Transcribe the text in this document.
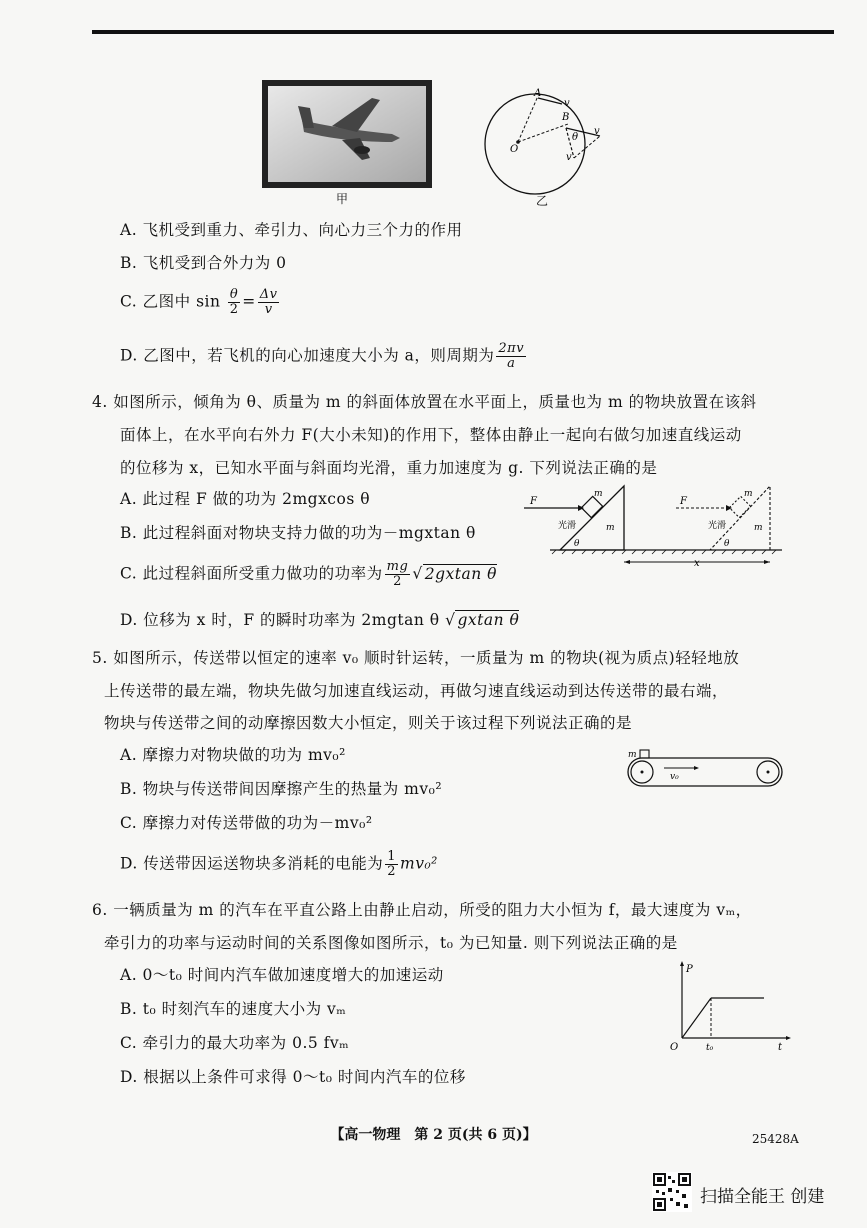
甲
A
B
O
v
v
v
θ
乙
A. 飞机受到重力、牵引力、向心力三个力的作用
B. 飞机受到合外力为 0
C. 乙图中 $\sin \frac{\theta}{2} = \frac{\Delta v}{v}$
D. 乙图中，若飞机的向心加速度大小为 a，则周期为 $\frac{2\pi v}{a}$
4. 如图所示，倾角为 θ、质量为 m 的斜面体放置在水平面上，质量也为 m 的物块放置在该斜
面体上，在水平向右外力 F(大小未知)的作用下，整体由静止一起向右做匀加速直线运动
的位移为 x，已知水平面与斜面均光滑，重力加速度为 g. 下列说法正确的是
A. 此过程 F 做的功为 2mgxcos θ
B. 此过程斜面对物块支持力做的功为－mgxtan θ
C. 此过程斜面所受重力做功的功率为 $\frac{mg}{2}$ √ 2gxtan θ
D. 位移为 x 时，F 的瞬时功率为 2mgtan θ √ gxtan θ
F
m
m
光滑
θ
F
m
m
光滑
θ
x
5. 如图所示，传送带以恒定的速率 v₀ 顺时针运转，一质量为 m 的物块(视为质点)轻轻地放
上传送带的最左端，物块先做匀加速直线运动，再做匀速直线运动到达传送带的最右端，
物块与传送带之间的动摩擦因数大小恒定，则关于该过程下列说法正确的是
A. 摩擦力对物块做的功为 mv₀²
B. 物块与传送带间因摩擦产生的热量为 mv₀²
C. 摩擦力对传送带做的功为－mv₀²
D. 传送带因运送物块多消耗的电能为 $\frac{1}{2} mv_0^2$
m
v₀
6. 一辆质量为 m 的汽车在平直公路上由静止启动，所受的阻力大小恒为 f，最大速度为 vₘ，
牵引力的功率与运动时间的关系图像如图所示，t₀ 为已知量. 则下列说法正确的是
A. 0～t₀ 时间内汽车做加速度增大的加速运动
B. t₀ 时刻汽车的速度大小为 vₘ
C. 牵引力的最大功率为 0.5 fvₘ
D. 根据以上条件可求得 0～t₀ 时间内汽车的位移
P
O	t₀	t
【高一物理　第 2 页(共 6 页)】	25428A
扫描全能王 创建
